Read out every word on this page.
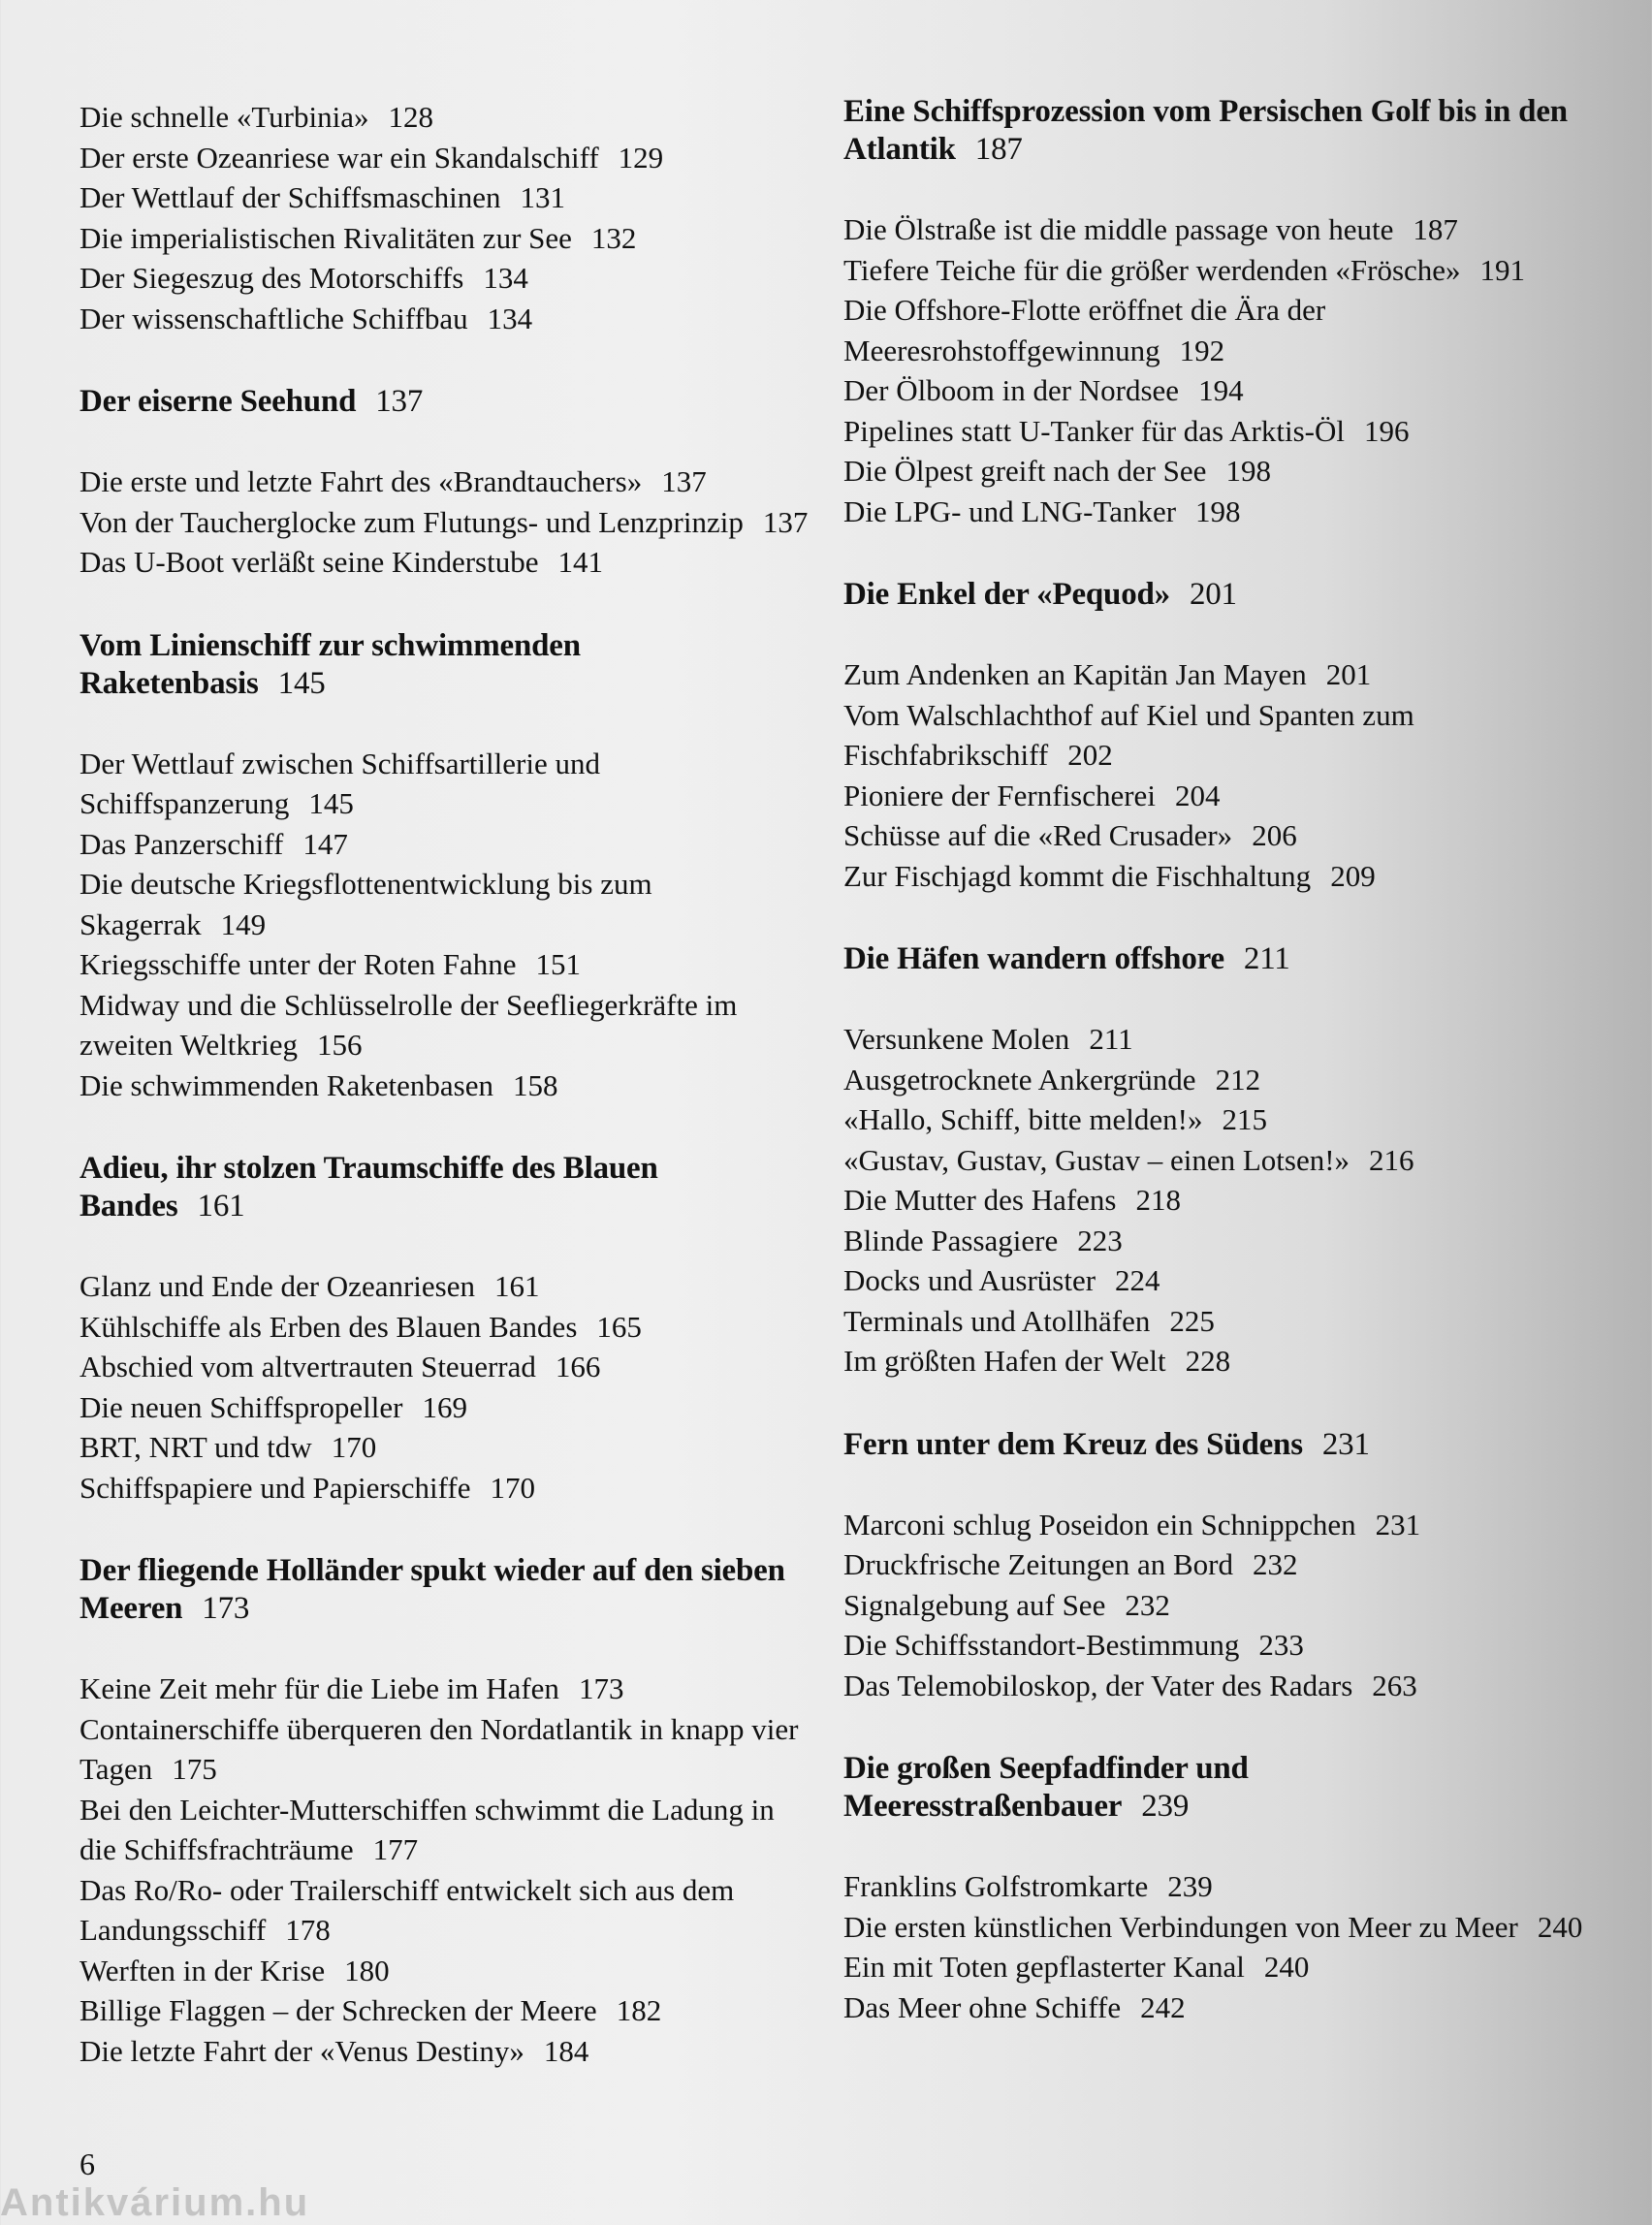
Die schnelle «Turbinia» 128

Der erste Ozeanriese war ein Skandalschiff 129

Der Wettlauf der Schiffsmaschinen 131

Die imperialistischen Rivalitäten zur See 132

Der Siegeszug des Motorschiffs 134

Der wissenschaftliche Schiffbau 134

Der eiserne Seehund 137

Die erste und letzte Fahrt des «Brandtauchers» 137

Von der Taucherglocke zum Flutungs- und Lenzprinzip 137

Das U-Boot verläßt seine Kinderstube 141

Vom Linienschiff zur schwimmenden Raketenbasis 145

Der Wettlauf zwischen Schiffsartillerie und Schiffspanzerung 145

Das Panzerschiff 147

Die deutsche Kriegsflottenentwicklung bis zum Skagerrak 149

Kriegsschiffe unter der Roten Fahne 151

Midway und die Schlüsselrolle der Seefliegerkräfte im zweiten Weltkrieg 156

Die schwimmenden Raketenbasen 158

Adieu, ihr stolzen Traumschiffe des Blauen Bandes 161

Glanz und Ende der Ozeanriesen 161

Kühlschiffe als Erben des Blauen Bandes 165

Abschied vom altvertrauten Steuerrad 166

Die neuen Schiffspropeller 169

BRT, NRT und tdw 170

Schiffspapiere und Papierschiffe 170

Der fliegende Holländer spukt wieder auf den sieben Meeren 173

Keine Zeit mehr für die Liebe im Hafen 173

Containerschiffe überqueren den Nordatlantik in knapp vier Tagen 175

Bei den Leichter-Mutterschiffen schwimmt die Ladung in die Schiffsfrachträume 177

Das Ro/Ro- oder Trailerschiff entwickelt sich aus dem Landungsschiff 178

Werften in der Krise 180

Billige Flaggen – der Schrecken der Meere 182

Die letzte Fahrt der «Venus Destiny» 184

Eine Schiffsprozession vom Persischen Golf bis in den Atlantik 187

Die Ölstraße ist die middle passage von heute 187

Tiefere Teiche für die größer werdenden «Frösche» 191

Die Offshore-Flotte eröffnet die Ära der Meeresrohstoffgewinnung 192

Der Ölboom in der Nordsee 194

Pipelines statt U-Tanker für das Arktis-Öl 196

Die Ölpest greift nach der See 198

Die LPG- und LNG-Tanker 198

Die Enkel der «Pequod» 201

Zum Andenken an Kapitän Jan Mayen 201

Vom Walschlachthof auf Kiel und Spanten zum Fischfabrikschiff 202

Pioniere der Fernfischerei 204

Schüsse auf die «Red Crusader» 206

Zur Fischjagd kommt die Fischhaltung 209

Die Häfen wandern offshore 211

Versunkene Molen 211

Ausgetrocknete Ankergründe 212

«Hallo, Schiff, bitte melden!» 215

«Gustav, Gustav, Gustav – einen Lotsen!» 216

Die Mutter des Hafens 218

Blinde Passagiere 223

Docks und Ausrüster 224

Terminals und Atollhäfen 225

Im größten Hafen der Welt 228

Fern unter dem Kreuz des Südens 231

Marconi schlug Poseidon ein Schnippchen 231

Druckfrische Zeitungen an Bord 232

Signalgebung auf See 232

Die Schiffsstandort-Bestimmung 233

Das Telemobiloskop, der Vater des Radars 263

Die großen Seepfadfinder und Meeresstraßenbauer 239

Franklins Golfstromkarte 239

Die ersten künstlichen Verbindungen von Meer zu Meer 240

Ein mit Toten gepflasterter Kanal 240

Das Meer ohne Schiffe 242

6
Antikvárium.hu
